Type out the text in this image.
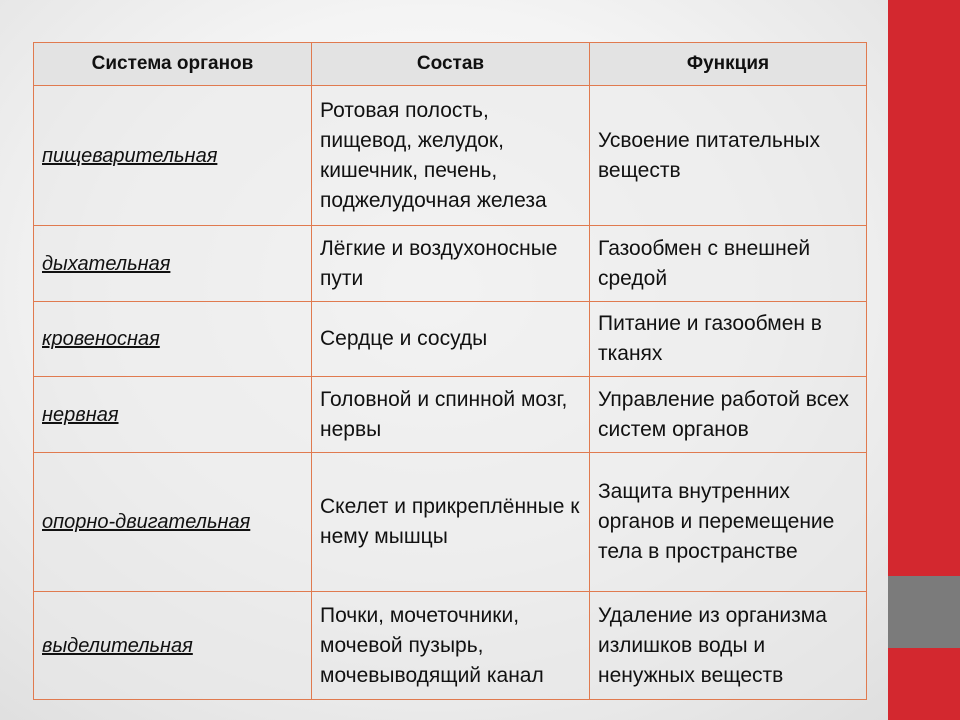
Система органов	Состав	Функция
пищеварительная	Ротовая полость, пищевод, желудок, кишечник, печень, поджелудочная железа	Усвоение питательных веществ
дыхательная	Лёгкие и воздухоносные пути	Газообмен с внешней средой
кровеносная	Сердце и сосуды	Питание и газообмен в тканях
нервная	Головной и спинной мозг, нервы	Управление работой всех систем органов
опорно-двигательная	Скелет и прикреплённые к нему мышцы	Защита внутренних органов и перемещение тела в пространстве
выделительная	Почки, мочеточники, мочевой пузырь, мочевыводящий канал	Удаление из организма излишков воды и ненужных веществ
